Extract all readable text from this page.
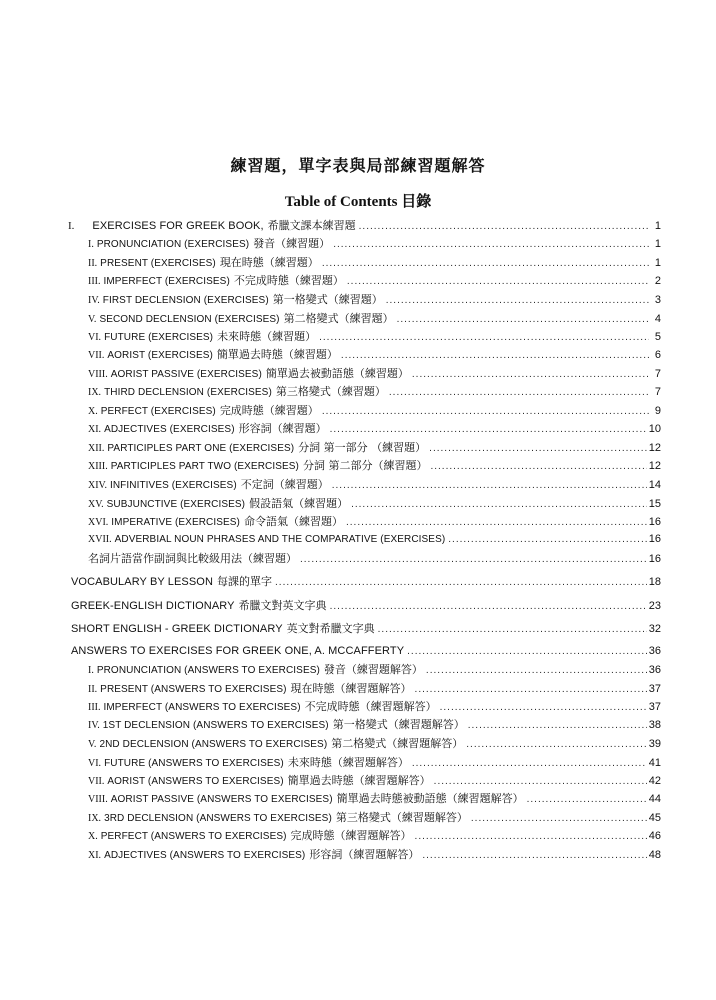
練習題，單字表與局部練習題解答
Table of Contents 目錄
I. EXERCISES FOR GREEK BOOK, 希臘文課本練習題 .....	1
I. PRONUNCIATION (EXERCISES) 發音（練習題） .....	1
II. PRESENT (EXERCISES) 現在時態（練習題） .....	1
III. IMPERFECT (EXERCISES) 不完成時態（練習題） .....	2
IV. FIRST DECLENSION (EXERCISES) 第一格變式（練習題） .....	3
V. SECOND DECLENSION (EXERCISES) 第二格變式（練習題） .....	4
VI. FUTURE (EXERCISES) 未來時態（練習題） .....	5
VII. AORIST (EXERCISES) 簡單過去時態（練習題） .....	6
VIII. AORIST PASSIVE (EXERCISES) 簡單過去被動語態（練習題） .....	7
IX. THIRD DECLENSION (EXERCISES) 第三格變式（練習題） .....	7
X. PERFECT (EXERCISES) 完成時態（練習題） .....	9
XI. ADJECTIVES (EXERCISES) 形容詞（練習題） .....	10
XII. PARTICIPLES PART ONE (EXERCISES) 分詞 第一部分 （練習題） .....	12
XIII. PARTICIPLES PART TWO (EXERCISES) 分詞 第二部分（練習題） .....	12
XIV. INFINITIVES (EXERCISES) 不定詞（練習題） .....	14
XV. SUBJUNCTIVE (EXERCISES) 假設語氣（練習題） .....	15
XVI. IMPERATIVE (EXERCISES) 命令語氣（練習題） .....	16
XVII. ADVERBIAL NOUN PHRASES AND THE COMPARATIVE (EXERCISES) .....	16
名詞片語當作副詞與比較級用法（練習題） .....	16
VOCABULARY BY LESSON 每課的單字 .....	18
GREEK-ENGLISH DICTIONARY 希臘文對英文字典 .....	23
SHORT ENGLISH - GREEK DICTIONARY 英文對希臘文字典 .....	32
ANSWERS TO EXERCISES FOR GREEK ONE, A. MCCAFFERTY .....	36
I. PRONUNCIATION (ANSWERS TO EXERCISES) 發音（練習題解答） .....	36
II. PRESENT (ANSWERS TO EXERCISES) 現在時態（練習題解答） .....	37
III. IMPERFECT (ANSWERS TO EXERCISES) 不完成時態（練習題解答） .....	37
IV. 1ST DECLENSION (ANSWERS TO EXERCISES) 第一格變式（練習題解答） .....	38
V. 2ND DECLENSION (ANSWERS TO EXERCISES) 第二格變式（練習題解答） .....	39
VI. FUTURE (ANSWERS TO EXERCISES) 未來時態（練習題解答） .....	41
VII. AORIST (ANSWERS TO EXERCISES) 簡單過去時態（練習題解答） .....	42
VIII. AORIST PASSIVE (ANSWERS TO EXERCISES) 簡單過去時態被動語態（練習題解答） .....	44
IX. 3RD DECLENSION (ANSWERS TO EXERCISES) 第三格變式（練習題解答） .....	45
X. PERFECT (ANSWERS TO EXERCISES) 完成時態（練習題解答） .....	46
XI. ADJECTIVES (ANSWERS TO EXERCISES) 形容詞（練習題解答） .....	48
